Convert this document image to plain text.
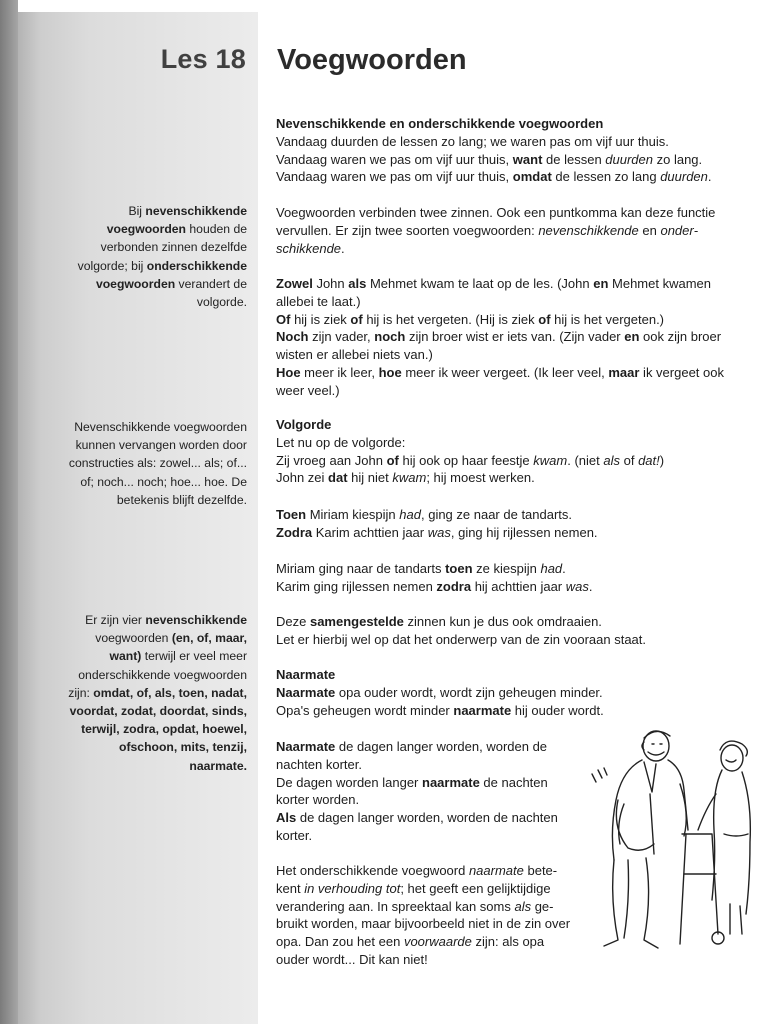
Les 18 Voegwoorden
Bij nevenschikkende voegwoorden houden de verbonden zinnen dezelfde volgorde; bij onderschikkende voegwoorden verandert de volgorde.
Nevenschikkende voegwoorden kunnen vervangen worden door constructies als: zowel... als; of... of; noch... noch; hoe... hoe. De betekenis blijft dezelfde.
Er zijn vier nevenschikkende voegwoorden (en, of, maar, want) terwijl er veel meer onderschikkende voegwoorden zijn: omdat, of, als, toen, nadat, voordat, zodat, doordat, sinds, terwijl, zodra, opdat, hoewel, ofschoon, mits, tenzij, naarmate.

Nevenschikkende en onderschikkende voegwoorden

Vandaag duurden de lessen zo lang; we waren pas om vijf uur thuis.

Vandaag waren we pas om vijf uur thuis, want de lessen duurden zo lang.

Vandaag waren we pas om vijf uur thuis, omdat de lessen zo lang duurden.

Voegwoorden verbinden twee zinnen. Ook een puntkomma kan deze functie vervullen. Er zijn twee soorten voegwoorden: nevenschikkende en onderschikkende.

Zowel John als Mehmet kwam te laat op de les. (John en Mehmet kwamen allebei te laat.)

Of hij is ziek of hij is het vergeten. (Hij is ziek of hij is het vergeten.)

Noch zijn vader, noch zijn broer wist er iets van. (Zijn vader en ook zijn broer wisten er allebei niets van.)

Hoe meer ik leer, hoe meer ik weer vergeet. (Ik leer veel, maar ik vergeet ook weer veel.)

Volgorde

Let nu op de volgorde:

Zij vroeg aan John of hij ook op haar feestje kwam. (niet als of dat!)

John zei dat hij niet kwam; hij moest werken.

Toen Miriam kiespijn had, ging ze naar de tandarts.

Zodra Karim achttien jaar was, ging hij rijlessen nemen.

Miriam ging naar de tandarts toen ze kiespijn had.

Karim ging rijlessen nemen zodra hij achttien jaar was.

Deze samengestelde zinnen kun je dus ook omdraaien.

Let er hierbij wel op dat het onderwerp van de zin vooraan staat.

Naarmate

Naarmate opa ouder wordt, wordt zijn geheugen minder.

Opa's geheugen wordt minder naarmate hij ouder wordt.

Naarmate de dagen langer worden, worden de nachten korter.

De dagen worden langer naarmate de nachten korter worden.

Als de dagen langer worden, worden de nachten korter.

Het onderschikkende voegwoord naarmate betekent in verhouding tot; het geeft een gelijktijdige verandering aan. In spreektaal kan soms als gebruikt worden, maar bijvoorbeeld niet in de zin over opa. Dan zou het een voorwaarde zijn: als opa ouder wordt... Dit kan niet!
